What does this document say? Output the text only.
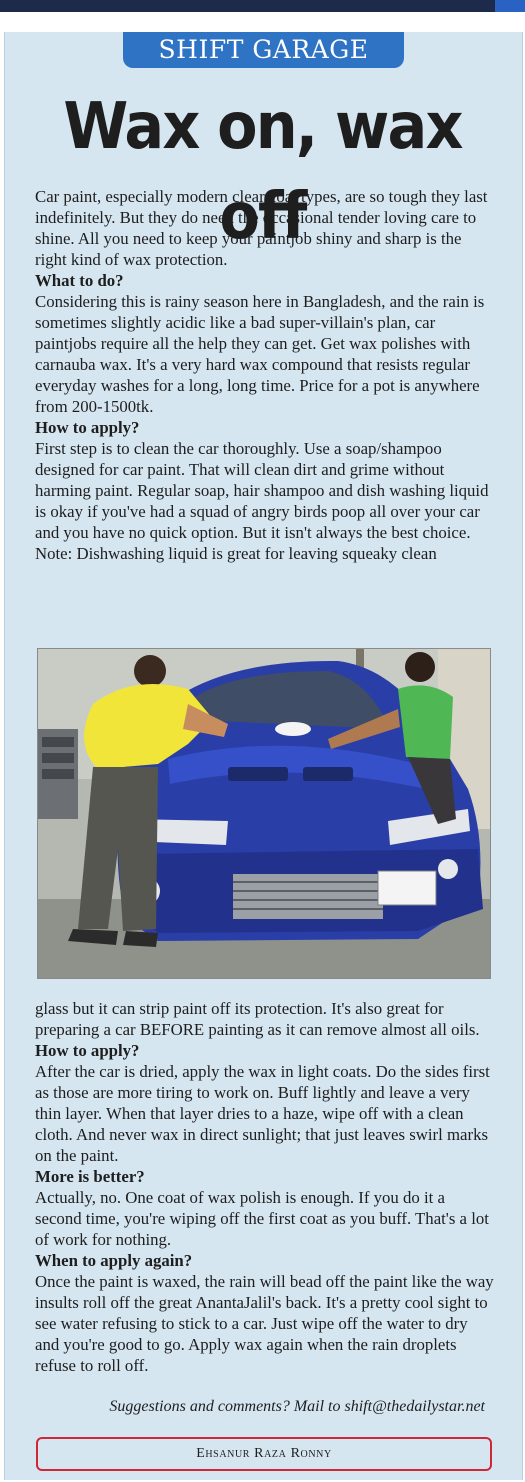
SHIFT GARAGE
Wax on, wax off

Car paint, especially modern clear coat types, are so tough they last indefinitely. But they do need the occasional tender loving care to shine. All you need to keep your paintjob shiny and sharp is the right kind of wax protection.

What to do?

Considering this is rainy season here in Bangladesh, and the rain is sometimes slightly acidic like a bad super-villain's plan, car paintjobs require all the help they can get. Get wax polishes with carnauba wax. It's a very hard wax compound that resists regular everyday washes for a long, long time. Price for a pot is anywhere from 200-1500tk.

How to apply?

First step is to clean the car thoroughly. Use a soap/shampoo designed for car paint. That will clean dirt and grime without harming paint. Regular soap, hair shampoo and dish washing liquid is okay if you've had a squad of angry birds poop all over your car and you have no quick option. But it isn't always the best choice. Note: Dishwashing liquid is great for leaving squeaky clean

glass but it can strip paint off its protection. It's also great for preparing a car BEFORE painting as it can remove almost all oils.

How to apply?

After the car is dried, apply the wax in light coats. Do the sides first as those are more tiring to work on. Buff lightly and leave a very thin layer. When that layer dries to a haze, wipe off with a clean cloth. And never wax in direct sunlight; that just leaves swirl marks on the paint.

More is better?

Actually, no. One coat of wax polish is enough. If you do it a second time, you're wiping off the first coat as you buff. That's a lot of work for nothing.

When to apply again?

Once the paint is waxed, the rain will bead off the paint like the way insults roll off the great AnantaJalil's back. It's a pretty cool sight to see water refusing to stick to a car. Just wipe off the water to dry and you're good to go. Apply wax again when the rain droplets refuse to roll off.

Suggestions and comments? Mail to shift@thedailystar.net
Ehsanur Raza Ronny
